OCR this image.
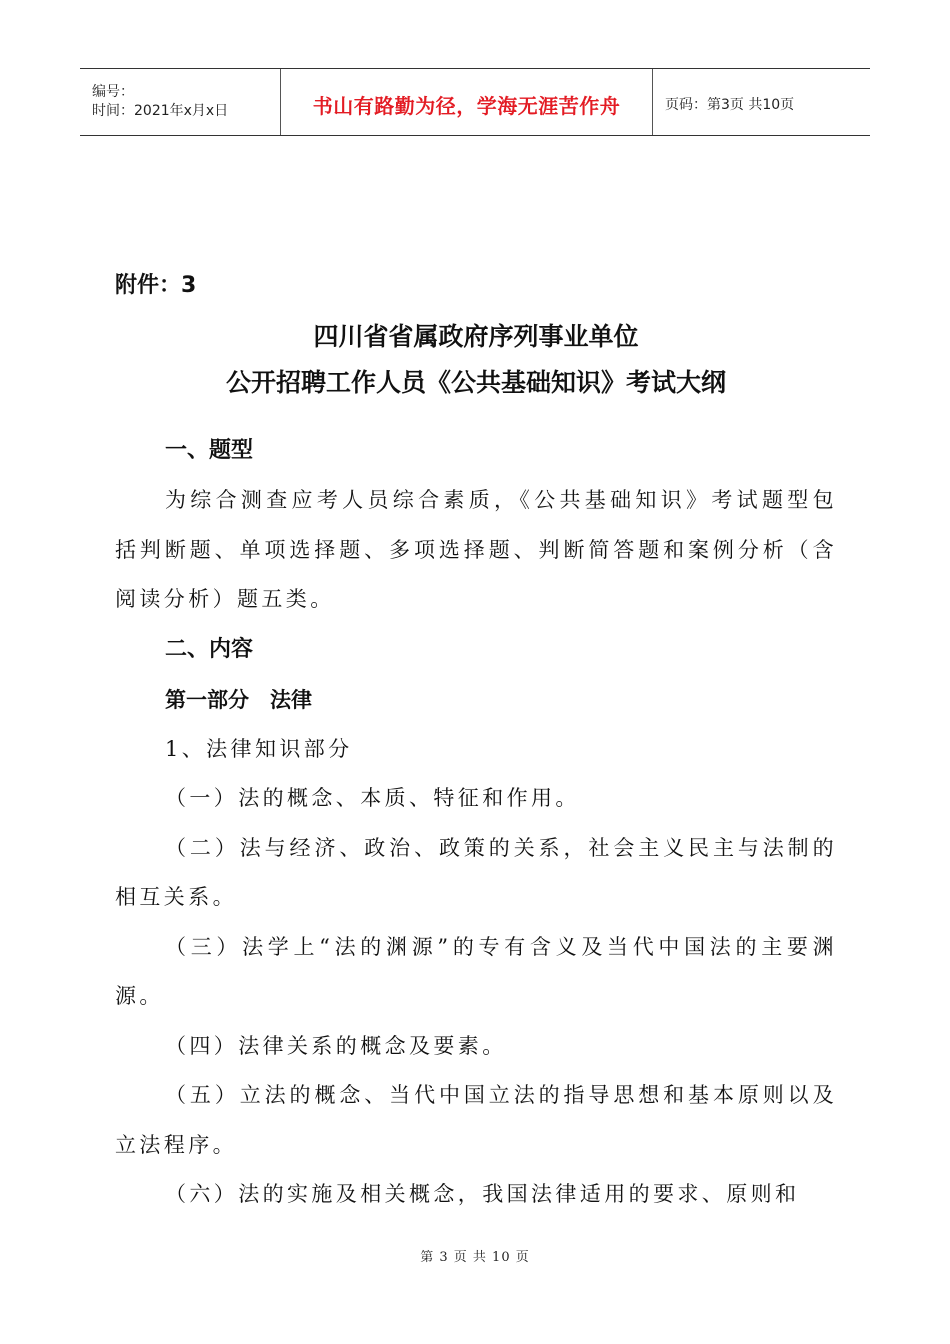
编号：
时间：2021年x月x日	书山有路勤为径，学海无涯苦作舟	页码：第3页 共10页

附件：3

四川省省属政府序列事业单位

公开招聘工作人员《公共基础知识》考试大纲

一、题型

为综合测查应考人员综合素质，《公共基础知识》考试题型包括判断题、单项选择题、多项选择题、判断简答题和案例分析（含阅读分析）题五类。

二、内容

第一部分　法律

1、法律知识部分

（一）法的概念、本质、特征和作用。

（二）法与经济、政治、政策的关系，社会主义民主与法制的相互关系。

（三）法学上“法的渊源”的专有含义及当代中国法的主要渊源。

（四）法律关系的概念及要素。

（五）立法的概念、当代中国立法的指导思想和基本原则以及立法程序。

（六）法的实施及相关概念，我国法律适用的要求、原则和

第 3 页 共 10 页
